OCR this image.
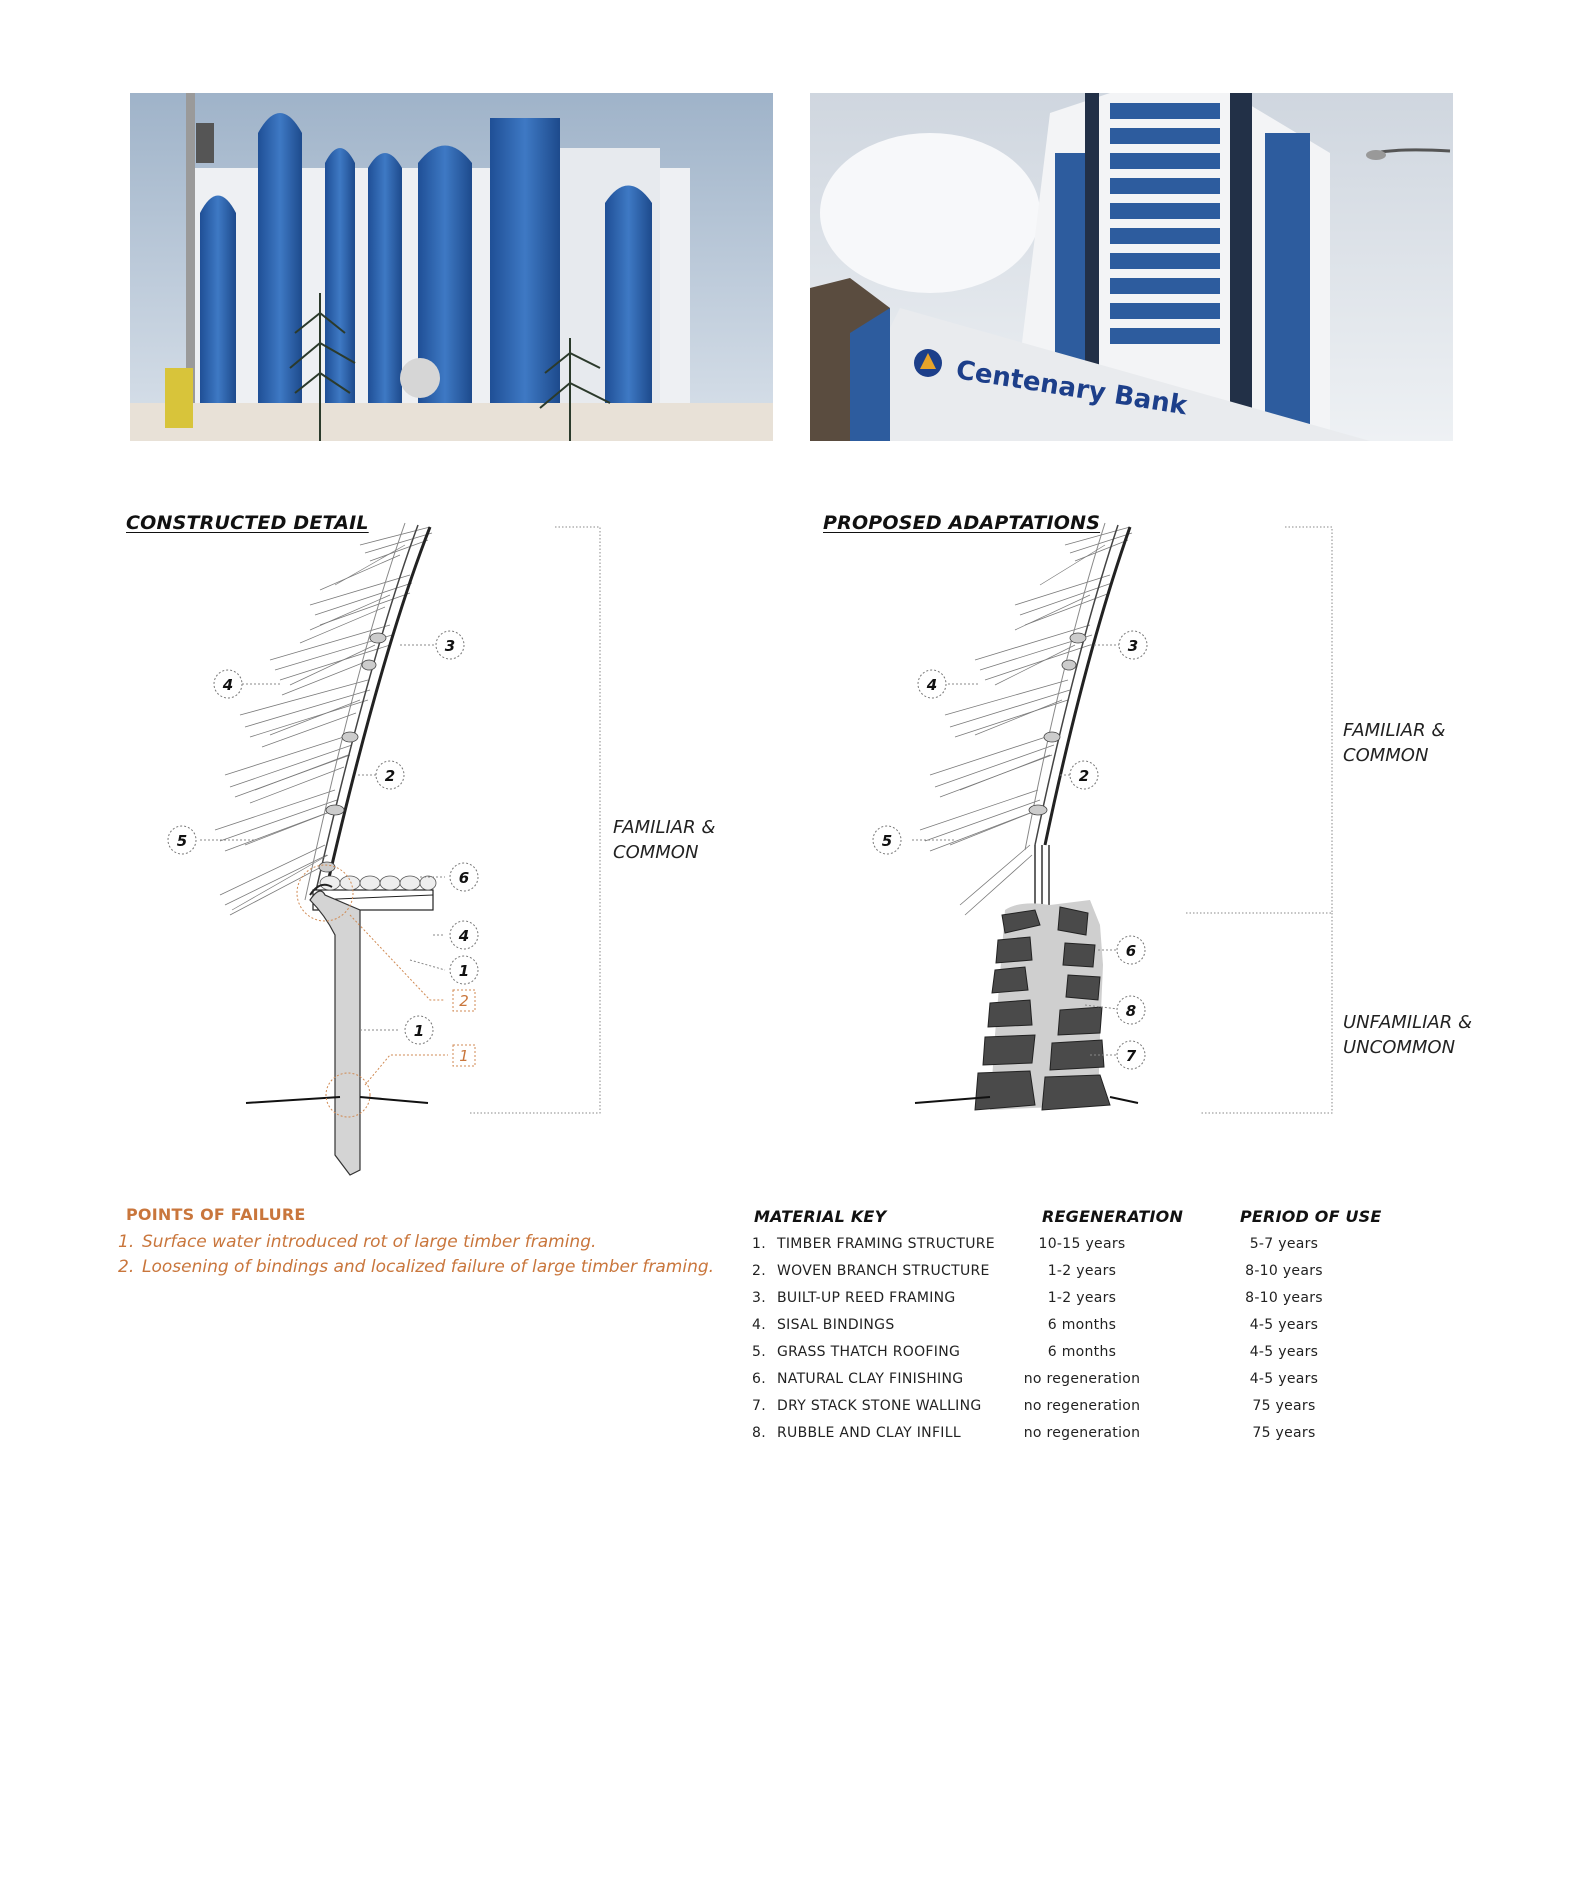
Centenary Bank
CONSTRUCTED DETAIL	PROPOSED ADAPTATIONS
3
4
2
5
6
4
1
1
2
1
FAMILIAR &
COMMON
3
4
2
5
6
8
7
FAMILIAR &
COMMON
UNFAMILIAR &
UNCOMMON
POINTS OF FAILURE
1. Surface water introduced rot of large timber framing.
2. Loosening of bindings and localized failure of large timber framing.
MATERIAL KEY	REGENERATION	PERIOD OF USE
1. TIMBER FRAMING STRUCTURE	10-15 years	5-7 years
2. WOVEN BRANCH STRUCTURE	1-2 years	8-10 years
3. BUILT-UP REED FRAMING	1-2 years	8-10 years
4. SISAL BINDINGS	6 months	4-5 years
5. GRASS THATCH ROOFING	6 months	4-5 years
6. NATURAL CLAY FINISHING	no regeneration	4-5 years
7. DRY STACK STONE WALLING	no regeneration	75 years
8. RUBBLE AND CLAY INFILL	no regeneration	75 years
